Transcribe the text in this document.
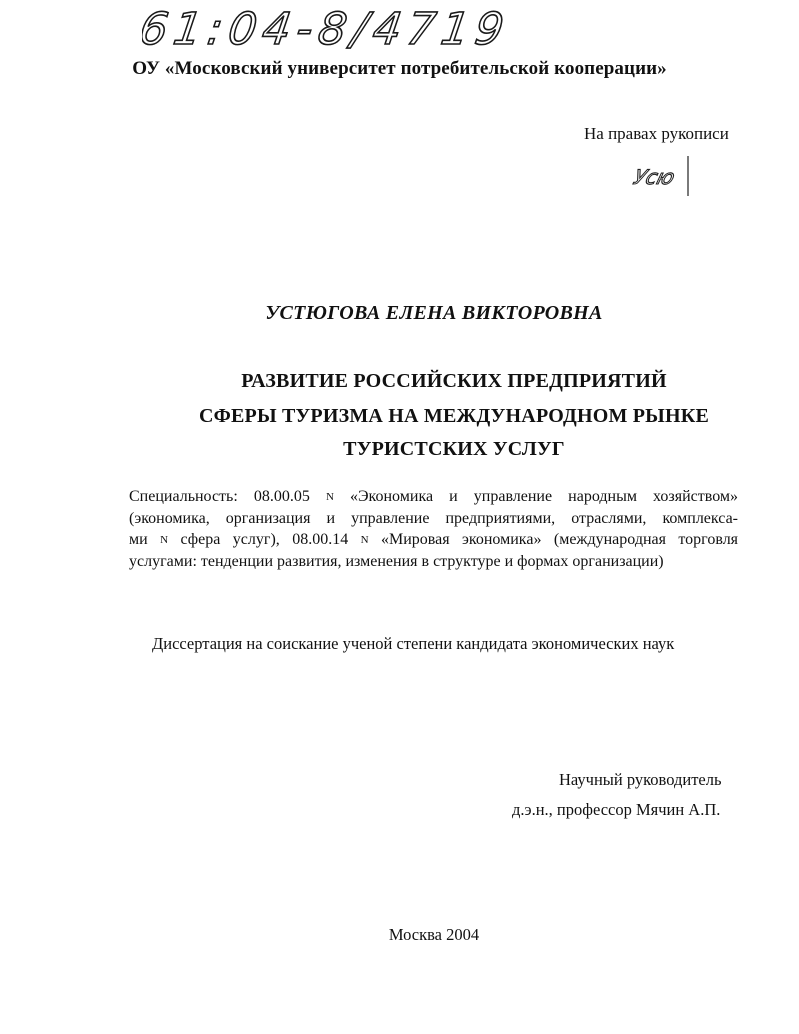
61:04-8/4719

ОУ «Московский университет потребительской кооперации»

На правах рукописи

Усю

УСТЮГОВА ЕЛЕНА ВИКТОРОВНА

РАЗВИТИЕ РОССИЙСКИХ ПРЕДПРИЯТИЙ

СФЕРЫ ТУРИЗМА НА МЕЖДУНАРОДНОМ РЫНКЕ

ТУРИСТСКИХ УСЛУГ

Специальность: 08.00.05 N «Экономика и управление народным хозяйством»
(экономика, организация и управление предприятиями, отраслями, комплекса-
ми N сфера услуг), 08.00.14 N «Мировая экономика» (международная торговля
услугами: тенденции развития, изменения в структуре и формах организации)

Диссертация на соискание ученой степени кандидата экономических наук

Научный руководитель

д.э.н., профессор Мячин А.П.

Москва 2004
